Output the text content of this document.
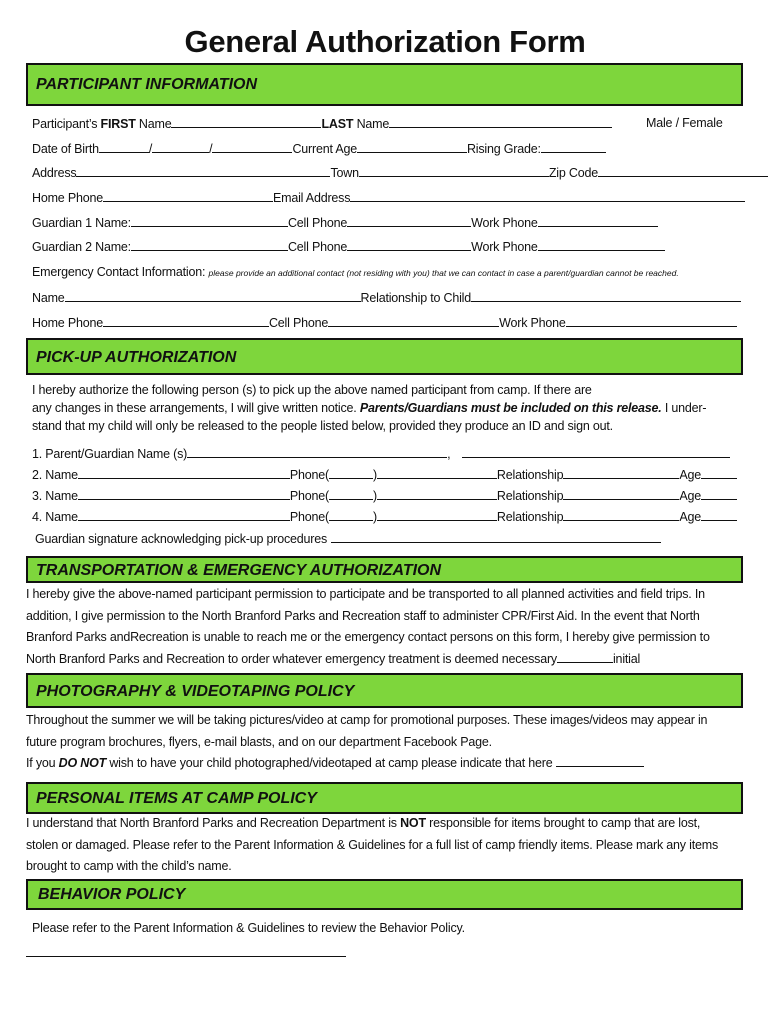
General Authorization Form
PARTICIPANT INFORMATION
Participant’s FIRST Name	LAST Name	Male / Female
Date of Birth	/	/	Current Age	Rising Grade:
Address	Town	Zip Code
Home Phone	Email Address
Guardian 1 Name:	Cell Phone	Work Phone
Guardian 2 Name:	Cell Phone	Work Phone
Emergency Contact Information: please provide an additional contact (not residing with you) that we can contact in case a parent/guardian cannot be reached.
Name	Relationship to Child
Home Phone	Cell Phone	Work Phone
PICK-UP AUTHORIZATION
I hereby authorize the following person (s) to pick up the above named participant from camp. If there are
any changes in these arrangements, I will give written notice. Parents/Guardians must be included on this release. I under-
stand that my child will only be released to the people listed below, provided they produce an ID and sign out.
1. Parent/Guardian Name (s)	,
2. Name	Phone(	)	Relationship	Age
3. Name	Phone(	)	Relationship	Age
4. Name	Phone(	)	Relationship	Age
Guardian signature acknowledging pick-up procedures
TRANSPORTATION & EMERGENCY AUTHORIZATION
I hereby give the above-named participant permission to participate and be transported to all planned activities and field trips. In
addition, I give permission to the North Branford Parks and Recreation staff to administer CPR/First Aid. In the event that North
Branford Parks andRecreation is unable to reach me or the emergency contact persons on this form, I hereby give permission to
North Branford Parks and Recreation to order whatever emergency treatment is deemed necessary	initial
PHOTOGRAPHY & VIDEOTAPING POLICY
Throughout the summer we will be taking pictures/video at camp for promotional purposes. These images/videos may appear in
future program brochures, flyers, e-mail blasts, and on our department Facebook Page.
If you DO NOT wish to have your child photographed/videotaped at camp please indicate that here
PERSONAL ITEMS AT CAMP POLICY
I understand that North Branford Parks and Recreation Department is NOT responsible for items brought to camp that are lost,
stolen or damaged. Please refer to the Parent Information & Guidelines for a full list of camp friendly items. Please mark any items
brought to camp with the child’s name.
BEHAVIOR POLICY
Please refer to the Parent Information & Guidelines to review the Behavior Policy.
